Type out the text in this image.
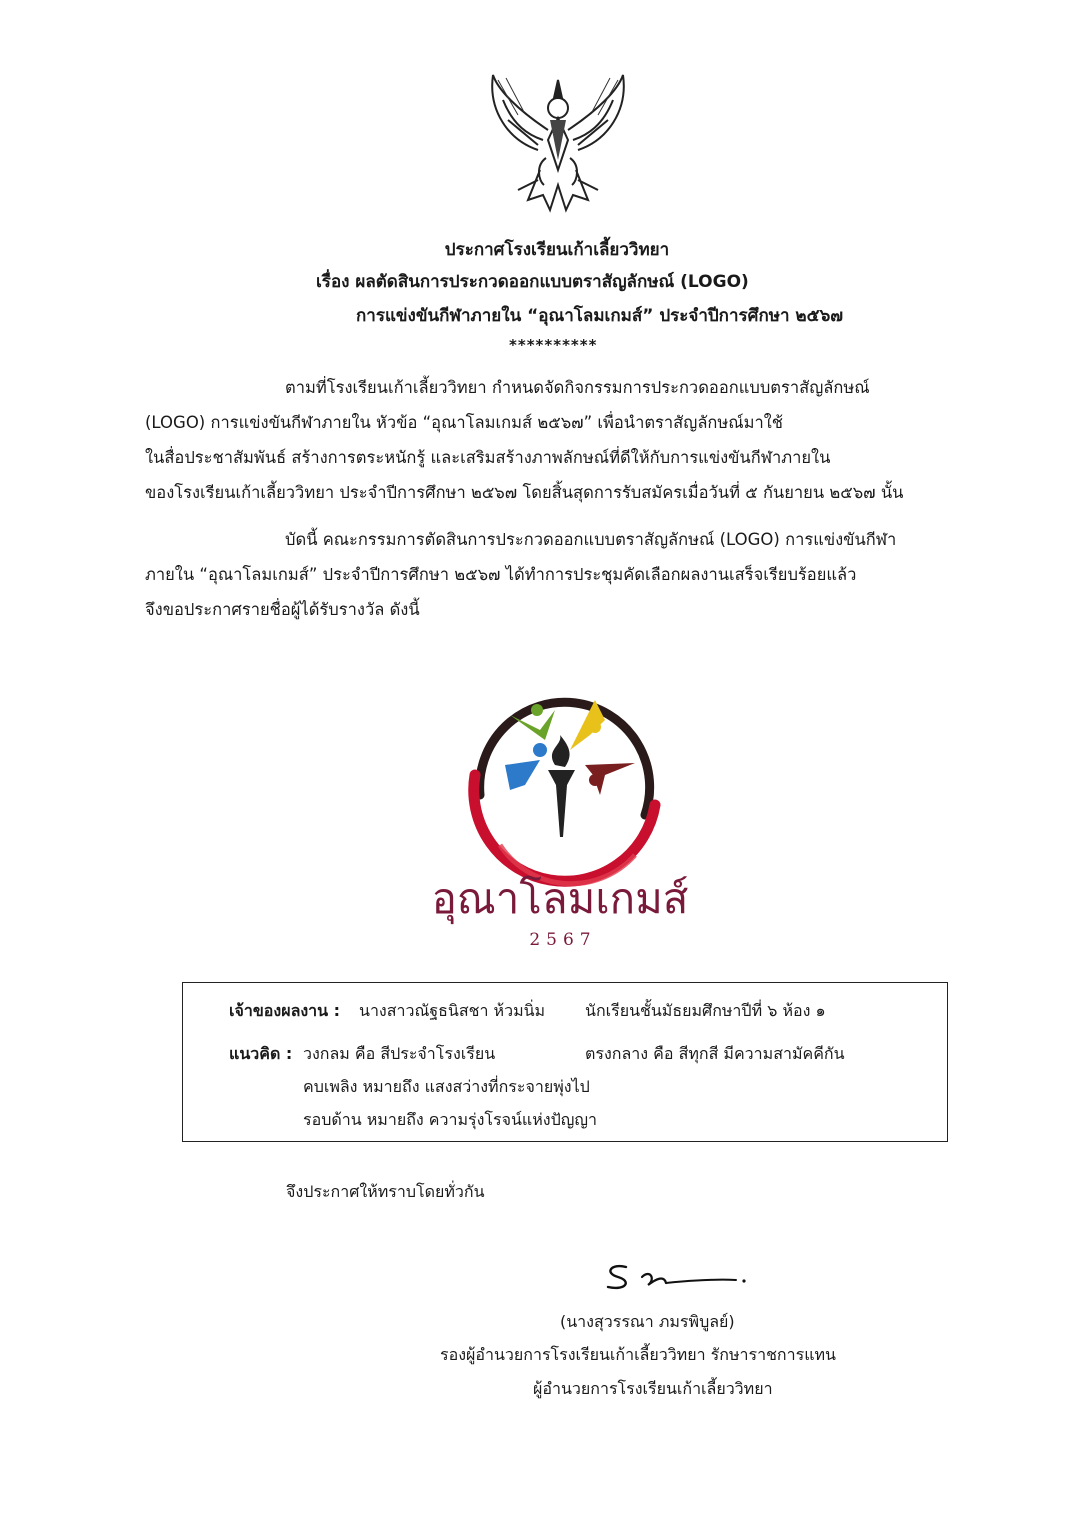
ประกาศโรงเรียนเก้าเลี้ยววิทยา
เรื่อง ผลตัดสินการประกวดออกแบบตราสัญลักษณ์ (LOGO)
การแข่งขันกีฬาภายใน “อุณาโลมเกมส์” ประจำปีการศึกษา ๒๕๖๗
**********
ตามที่โรงเรียนเก้าเลี้ยววิทยา กำหนดจัดกิจกรรมการประกวดออกแบบตราสัญลักษณ์
(LOGO) การแข่งขันกีฬาภายใน หัวข้อ “อุณาโลมเกมส์ ๒๕๖๗” เพื่อนำตราสัญลักษณ์มาใช้
ในสื่อประชาสัมพันธ์ สร้างการตระหนักรู้ และเสริมสร้างภาพลักษณ์ที่ดีให้กับการแข่งขันกีฬาภายใน
ของโรงเรียนเก้าเลี้ยววิทยา ประจำปีการศึกษา ๒๕๖๗ โดยสิ้นสุดการรับสมัครเมื่อวันที่ ๕ กันยายน ๒๕๖๗ นั้น
บัดนี้ คณะกรรมการตัดสินการประกวดออกแบบตราสัญลักษณ์ (LOGO) การแข่งขันกีฬา
ภายใน “อุณาโลมเกมส์” ประจำปีการศึกษา ๒๕๖๗ ได้ทำการประชุมคัดเลือกผลงานเสร็จเรียบร้อยแล้ว
จึงขอประกาศรายชื่อผู้ได้รับรางวัล ดังนี้
อุณาโลมเกมส์
2567
เจ้าของผลงาน : นางสาวณัฐธนิสชา ห้วมนิ่ม นักเรียนชั้นมัธยมศึกษาปีที่ ๖ ห้อง ๑
แนวคิด : วงกลม คือ สีประจำโรงเรียน	ตรงกลาง คือ สีทุกสี มีความสามัคคีกัน
คบเพลิง หมายถึง แสงสว่างที่กระจายพุ่งไป
รอบด้าน หมายถึง ความรุ่งโรจน์แห่งปัญญา
จึงประกาศให้ทราบโดยทั่วกัน
(นางสุวรรณา ภมรพิบูลย์)
รองผู้อำนวยการโรงเรียนเก้าเลี้ยววิทยา รักษาราชการแทน
ผู้อำนวยการโรงเรียนเก้าเลี้ยววิทยา
